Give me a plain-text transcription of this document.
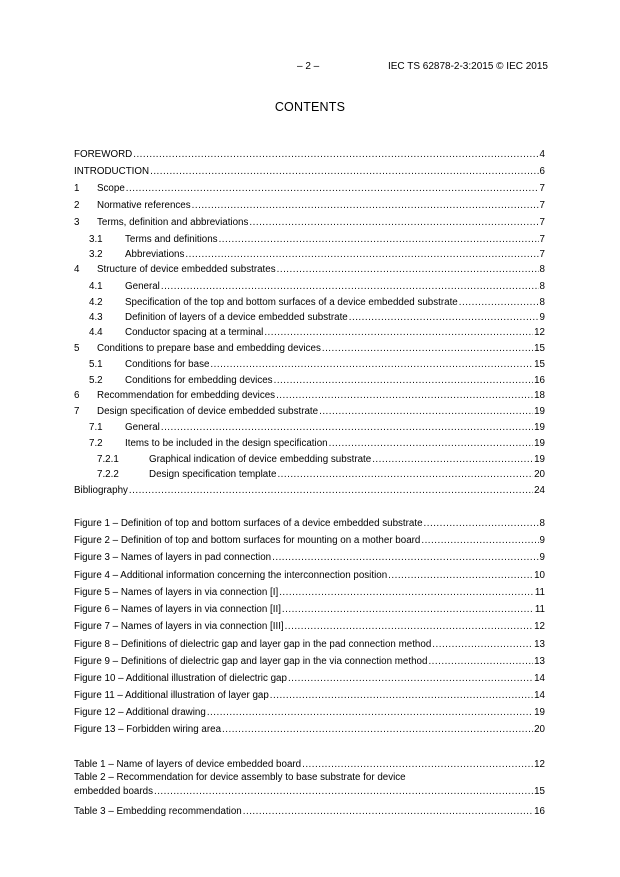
– 2 –	IEC TS 62878-2-3:2015 © IEC 2015
CONTENTS
FOREWORD .....	4
INTRODUCTION .....	6
1	Scope .....	7
2	Normative references .....	7
3	Terms, definition and abbreviations .....	7
3.1	Terms and definitions .....	7
3.2	Abbreviations .....	7
4	Structure of device embedded substrates .....	8
4.1	General .....	8
4.2	Specification of the top and bottom surfaces of a device embedded substrate .....	8
4.3	Definition of layers of a device embedded substrate .....	9
4.4	Conductor spacing at a terminal .....	12
5	Conditions to prepare base and embedding devices .....	15
5.1	Conditions for base .....	15
5.2	Conditions for embedding devices .....	16
6	Recommendation for embedding devices .....	18
7	Design specification of device embedded substrate .....	19
7.1	General .....	19
7.2	Items to be included in the design specification .....	19
7.2.1	Graphical indication of device embedding substrate .....	19
7.2.2	Design specification template .....	20
Bibliography .....	24
Figure 1 – Definition of top and bottom surfaces of a device embedded substrate .....	8
Figure 2 – Definition of top and bottom surfaces for mounting on a mother board .....	9
Figure 3 – Names of layers in pad connection .....	9
Figure 4 – Additional information concerning the interconnection position .....	10
Figure 5 – Names of layers in via connection [I] .....	11
Figure 6 – Names of layers in via connection [II] .....	11
Figure 7 – Names of layers in via connection [III] .....	12
Figure 8 – Definitions of dielectric gap and layer gap in the pad connection method .....	13
Figure 9 – Definitions of dielectric gap and layer gap in the via connection method .....	13
Figure 10 – Additional illustration of dielectric gap .....	14
Figure 11 – Additional illustration of layer gap .....	14
Figure 12 – Additional drawing .....	19
Figure 13 – Forbidden wiring area .....	20
Table 1 – Name of layers of device embedded board .....	12
Table 2 – Recommendation for device assembly to base substrate for device
embedded boards .....	15
Table 3 – Embedding recommendation .....	16
